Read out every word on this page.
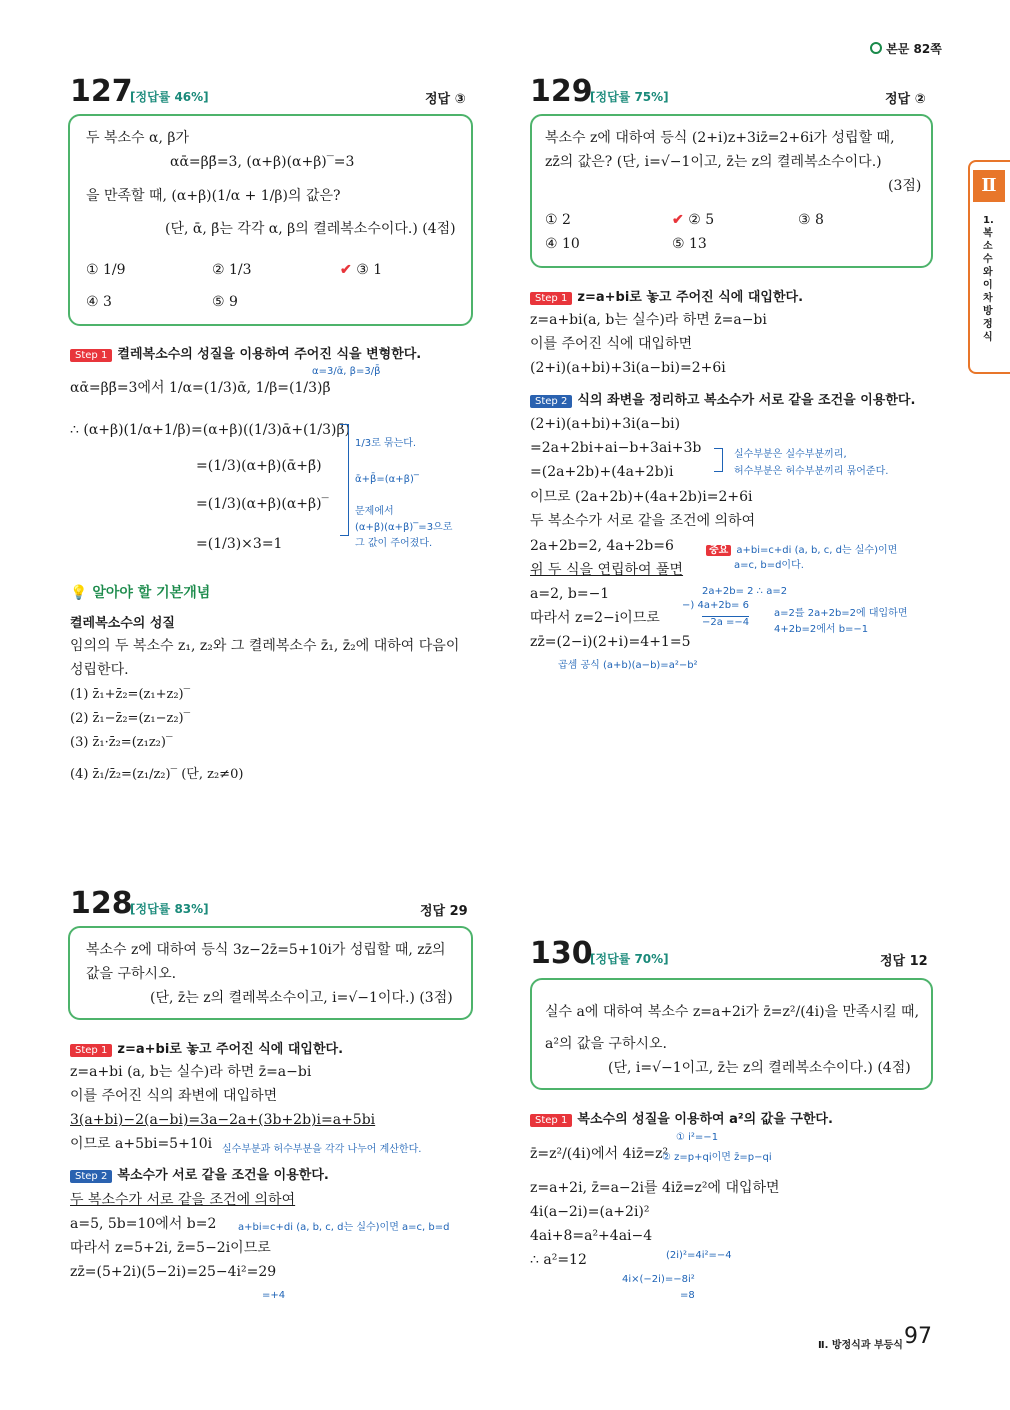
본문 82쪽
Ⅱ
1. 복소수와 이차방정식
127
[정답률 46%]	정답 ③
두 복소수 α, β가
αᾱ=ββ̄=3, (α+β)(α+β)‾=3
을 만족할 때, (α+β)(1/α + 1/β)의 값은?
(단, ᾱ, β̄는 각각 α, β의 켤레복소수이다.) (4점)
① 1/9	② 1/3	✔ ③ 1
④ 3	⑤ 9
Step 1 켤레복소수의 성질을 이용하여 주어진 식을 변형한다.
αᾱ=ββ̄=3에서 1/α=(1/3)ᾱ, 1/β=(1/3)β̄
α=3/ᾱ, β=3/β̄
∴ (α+β)(1/α+1/β)=(α+β)((1/3)ᾱ+(1/3)β̄)
1/3로 묶는다.
=(1/3)(α+β)(ᾱ+β̄)
ᾱ+β̄=(α+β)‾
=(1/3)(α+β)(α+β)‾	문제에서
(α+β)(α+β)‾=3으로
그 값이 주어졌다.
=(1/3)×3=1
💡 알아야 할 기본개념
켤레복소수의 성질
임의의 두 복소수 z₁, z₂와 그 켤레복소수 z̄₁, z̄₂에 대하여 다음이
성립한다.
(1) z̄₁+z̄₂=(z₁+z₂)‾
(2) z̄₁−z̄₂=(z₁−z₂)‾
(3) z̄₁·z̄₂=(z₁z₂)‾
(4) z̄₁/z̄₂=(z₁/z₂)‾ (단, z₂≠0)
128
[정답률 83%]	정답 29
복소수 z에 대하여 등식 3z−2z̄=5+10i가 성립할 때, zz̄의
값을 구하시오.
(단, z̄는 z의 켤레복소수이고, i=√−1이다.) (3점)
Step 1 z=a+bi로 놓고 주어진 식에 대입한다.
z=a+bi (a, b는 실수)라 하면 z̄=a−bi
이를 주어진 식의 좌변에 대입하면
3(a+bi)−2(a−bi)=3a−2a+(3b+2b)i=a+5bi
이므로 a+5bi=5+10i 실수부분과 허수부분을 각각 나누어 계산한다.
Step 2 복소수가 서로 같을 조건을 이용한다.
두 복소수가 서로 같을 조건에 의하여
a=5, 5b=10에서 b=2 a+bi=c+di (a, b, c, d는 실수)이면 a=c, b=d
따라서 z=5+2i, z̄=5−2i이므로
zz̄=(5+2i)(5−2i)=25−4i²=29
=+4
129
[정답률 75%]	정답 ②
복소수 z에 대하여 등식 (2+i)z+3iz̄=2+6i가 성립할 때,
zz̄의 값은? (단, i=√−1이고, z̄는 z의 켤레복소수이다.)
(3점)
① 2	✔ ② 5	③ 8
④ 10	⑤ 13
Step 1 z=a+bi로 놓고 주어진 식에 대입한다.
z=a+bi(a, b는 실수)라 하면 z̄=a−bi
이를 주어진 식에 대입하면
(2+i)(a+bi)+3i(a−bi)=2+6i
Step 2 식의 좌변을 정리하고 복소수가 서로 같을 조건을 이용한다.
(2+i)(a+bi)+3i(a−bi)
=2a+2bi+ai−b+3ai+3b	실수부분은 실수부분끼리,
허수부분은 허수부분끼리 묶어준다.
=(2a+2b)+(4a+2b)i
이므로 (2a+2b)+(4a+2b)i=2+6i
두 복소수가 서로 같을 조건에 의하여
2a+2b=2, 4a+2b=6	중요 a+bi=c+di (a, b, c, d는 실수)이면
a=c, b=d이다.
위 두 식을 연립하여 풀면
a=2, b=−1	2a+2b= 2 ∴ a=2
−) 4a+2b= 6
−2a =−4
a=2를 2a+2b=2에 대입하면
4+2b=2에서 b=−1
따라서 z=2−i이므로
zz̄=(2−i)(2+i)=4+1=5
곱셈 공식 (a+b)(a−b)=a²−b²
130
[정답률 70%]	정답 12
실수 a에 대하여 복소수 z=a+2i가 z̄=z²/(4i)을 만족시킬 때,
a²의 값을 구하시오.
(단, i=√−1이고, z̄는 z의 켤레복소수이다.) (4점)
Step 1 복소수의 성질을 이용하여 a²의 값을 구한다.
z̄=z²/(4i)에서 4iz̄=z²
① i²=−1
② z=p+qi이면 z̄=p−qi
z=a+2i, z̄=a−2i를 4iz̄=z²에 대입하면
4i(a−2i)=(a+2i)²
4ai+8=a²+4ai−4
∴ a²=12	(2i)²=4i²=−4
4i×(−2i)=−8i²
=8
Ⅱ. 방정식과 부등식 97
